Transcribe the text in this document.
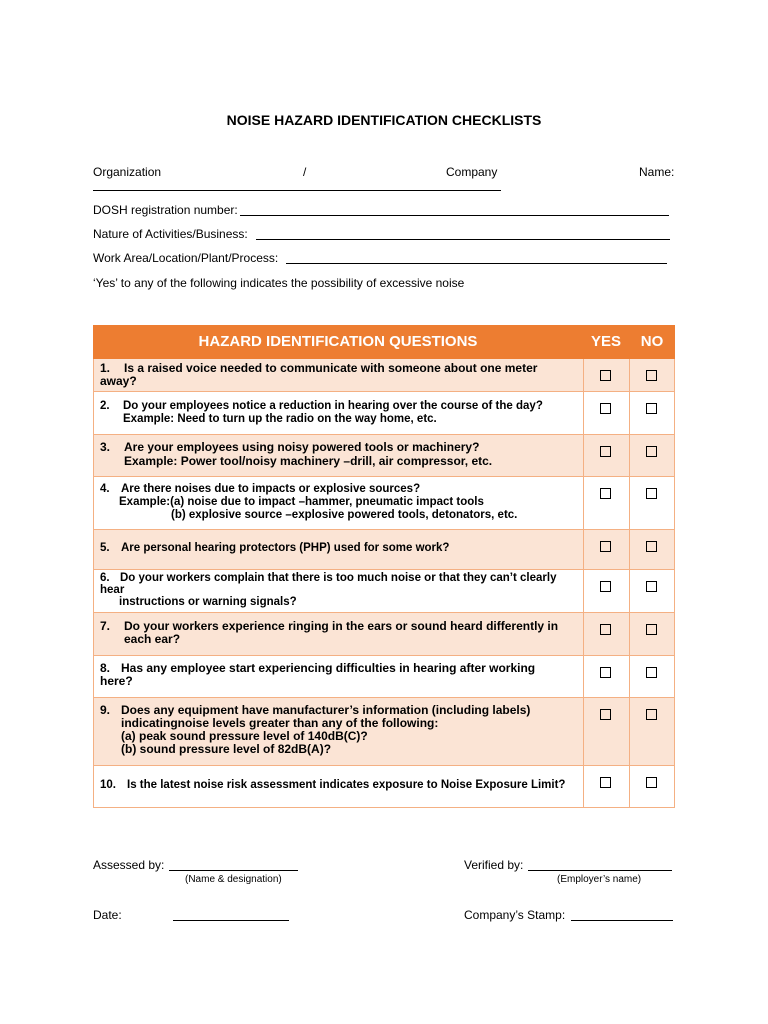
NOISE HAZARD IDENTIFICATION CHECKLISTS
Organization	/	Company	Name:
DOSH registration number:
Nature of Activities/Business:
Work Area/Location/Plant/Process:
‘Yes’ to any of the following indicates the possibility of excessive noise
HAZARD IDENTIFICATION QUESTIONS	YES	NO
1. Is a raised voice needed to communicate with someone about one meter
away?
2. Do your employees notice a reduction in hearing over the course of the day?
Example: Need to turn up the radio on the way home, etc.
3. Are your employees using noisy powered tools or machinery?
Example: Power tool/noisy machinery –drill, air compressor, etc.
4. Are there noises due to impacts or explosive sources?
Example:(a) noise due to impact –hammer, pneumatic impact tools
(b) explosive source –explosive powered tools, detonators, etc.
5. Are personal hearing protectors (PHP) used for some work?
6. Do your workers complain that there is too much noise or that they can’t clearly
hear
instructions or warning signals?
7. Do your workers experience ringing in the ears or sound heard differently in
each ear?
8. Has any employee start experiencing difficulties in hearing after working
here?
9. Does any equipment have manufacturer’s information (including labels)
indicatingnoise levels greater than any of the following:
(a) peak sound pressure level of 140dB(C)?
(b) sound pressure level of 82dB(A)?
10. Is the latest noise risk assessment indicates exposure to Noise Exposure Limit?
Assessed by:
(Name & designation)
Verified by:
(Employer’s name)
Date:	Company’s Stamp:
